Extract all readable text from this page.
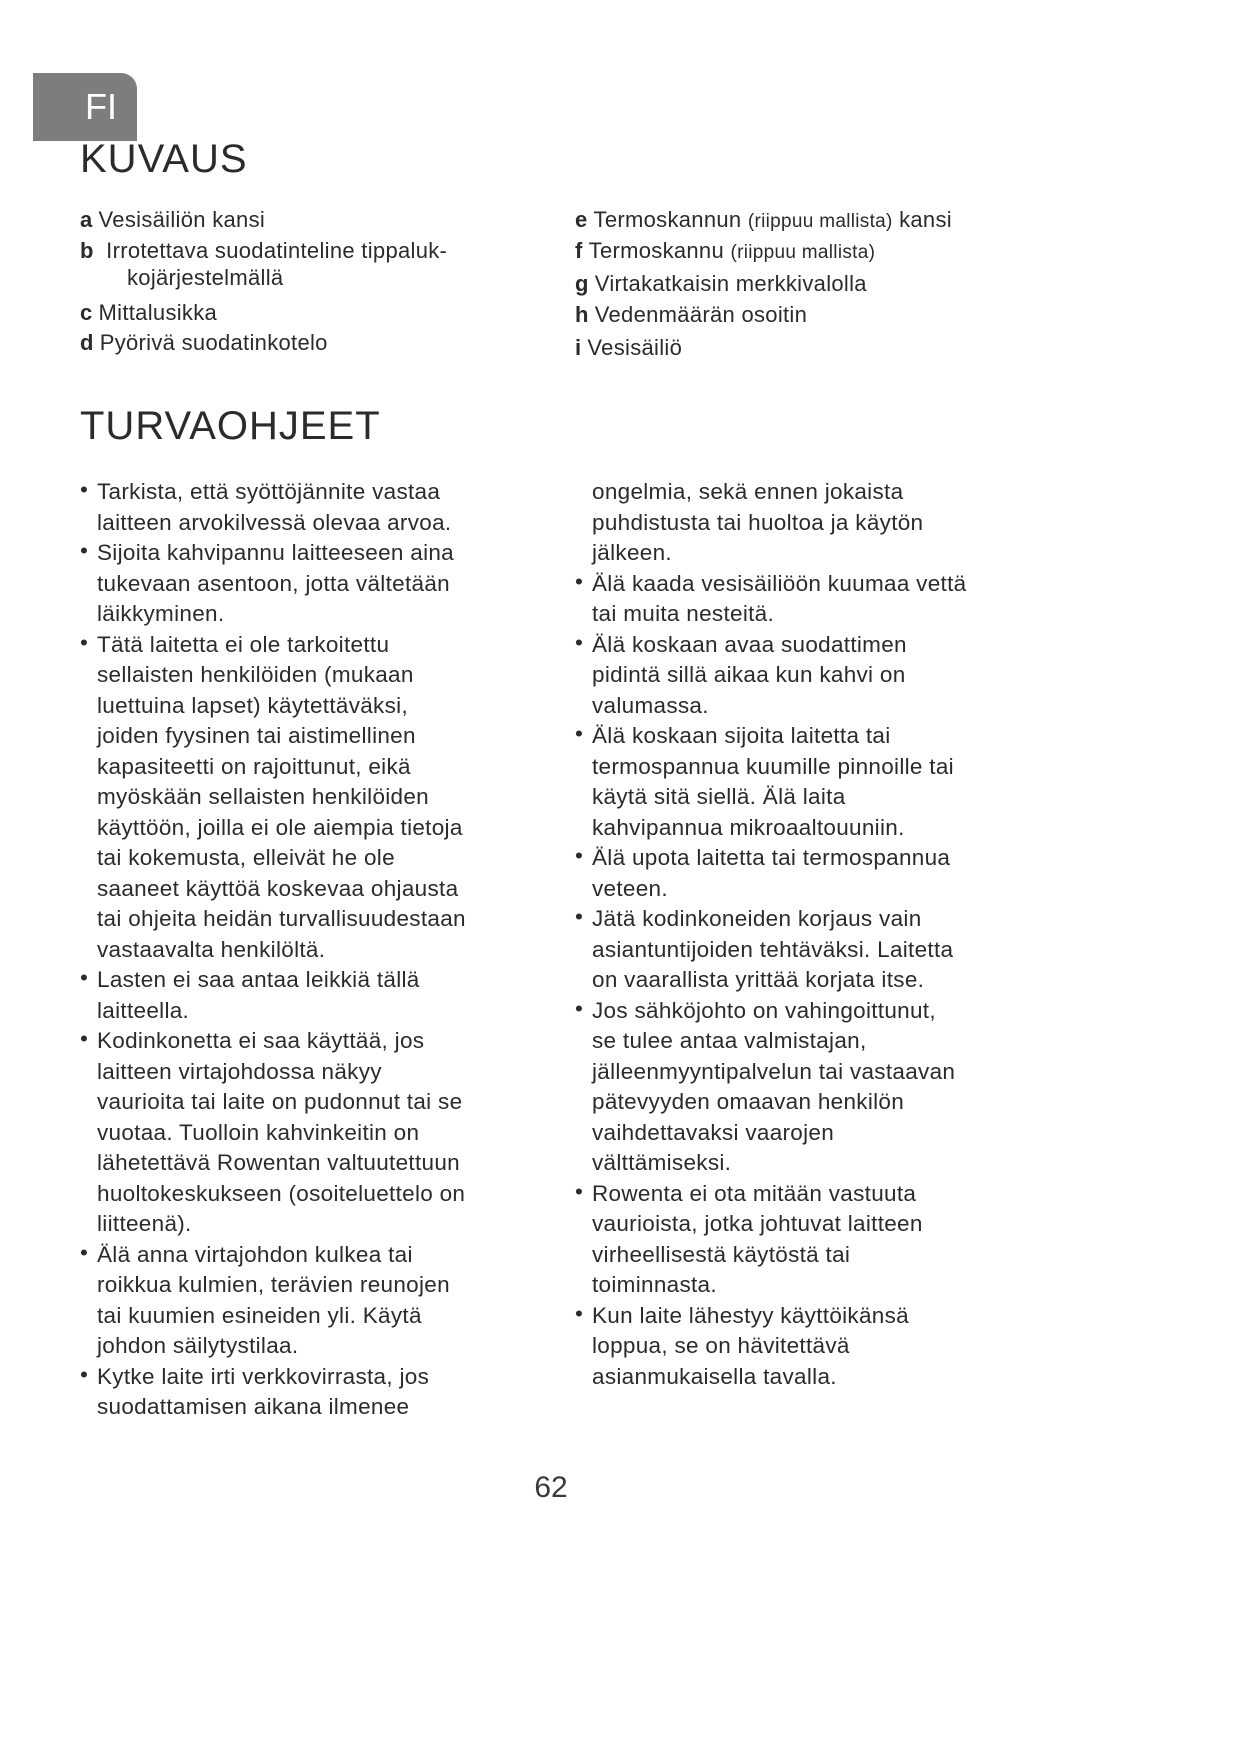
FI
KUVAUS
a Vesisäiliön kansi
b Irrotettava suodatinteline tippaluk-
kojärjestelmällä
c Mittalusikka
d Pyörivä suodatinkotelo
e Termoskannun (riippuu mallista) kansi
f Termoskannu (riippuu mallista)
g Virtakatkaisin merkkivalolla
h Vedenmäärän osoitin
i Vesisäiliö
TURVAOHJEET
• Tarkista, että syöttöjännite vastaa
laitteen arvokilvessä olevaa arvoa.
• Sijoita kahvipannu laitteeseen aina
tukevaan asentoon, jotta vältetään
läikkyminen.
• Tätä laitetta ei ole tarkoitettu
sellaisten henkilöiden (mukaan
luettuina lapset) käytettäväksi,
joiden fyysinen tai aistimellinen
kapasiteetti on rajoittunut, eikä
myöskään sellaisten henkilöiden
käyttöön, joilla ei ole aiempia tietoja
tai kokemusta, elleivät he ole
saaneet käyttöä koskevaa ohjausta
tai ohjeita heidän turvallisuudestaan
vastaavalta henkilöltä.
• Lasten ei saa antaa leikkiä tällä
laitteella.
• Kodinkonetta ei saa käyttää, jos
laitteen virtajohdossa näkyy
vaurioita tai laite on pudonnut tai se
vuotaa. Tuolloin kahvinkeitin on
lähetettävä Rowentan valtuutettuun
huoltokeskukseen (osoiteluettelo on
liitteenä).
• Älä anna virtajohdon kulkea tai
roikkua kulmien, terävien reunojen
tai kuumien esineiden yli. Käytä
johdon säilytystilaa.
• Kytke laite irti verkkovirrasta, jos
suodattamisen aikana ilmenee
ongelmia, sekä ennen jokaista
puhdistusta tai huoltoa ja käytön
jälkeen.
• Älä kaada vesisäiliöön kuumaa vettä
tai muita nesteitä.
• Älä koskaan avaa suodattimen
pidintä sillä aikaa kun kahvi on
valumassa.
• Älä koskaan sijoita laitetta tai
termospannua kuumille pinnoille tai
käytä sitä siellä. Älä laita
kahvipannua mikroaaltouuniin.
• Älä upota laitetta tai termospannua
veteen.
• Jätä kodinkoneiden korjaus vain
asiantuntijoiden tehtäväksi. Laitetta
on vaarallista yrittää korjata itse.
• Jos sähköjohto on vahingoittunut,
se tulee antaa valmistajan,
jälleenmyyntipalvelun tai vastaavan
pätevyyden omaavan henkilön
vaihdettavaksi vaarojen
välttämiseksi.
• Rowenta ei ota mitään vastuuta
vaurioista, jotka johtuvat laitteen
virheellisestä käytöstä tai
toiminnasta.
• Kun laite lähestyy käyttöikänsä
loppua, se on hävitettävä
asianmukaisella tavalla.
62
